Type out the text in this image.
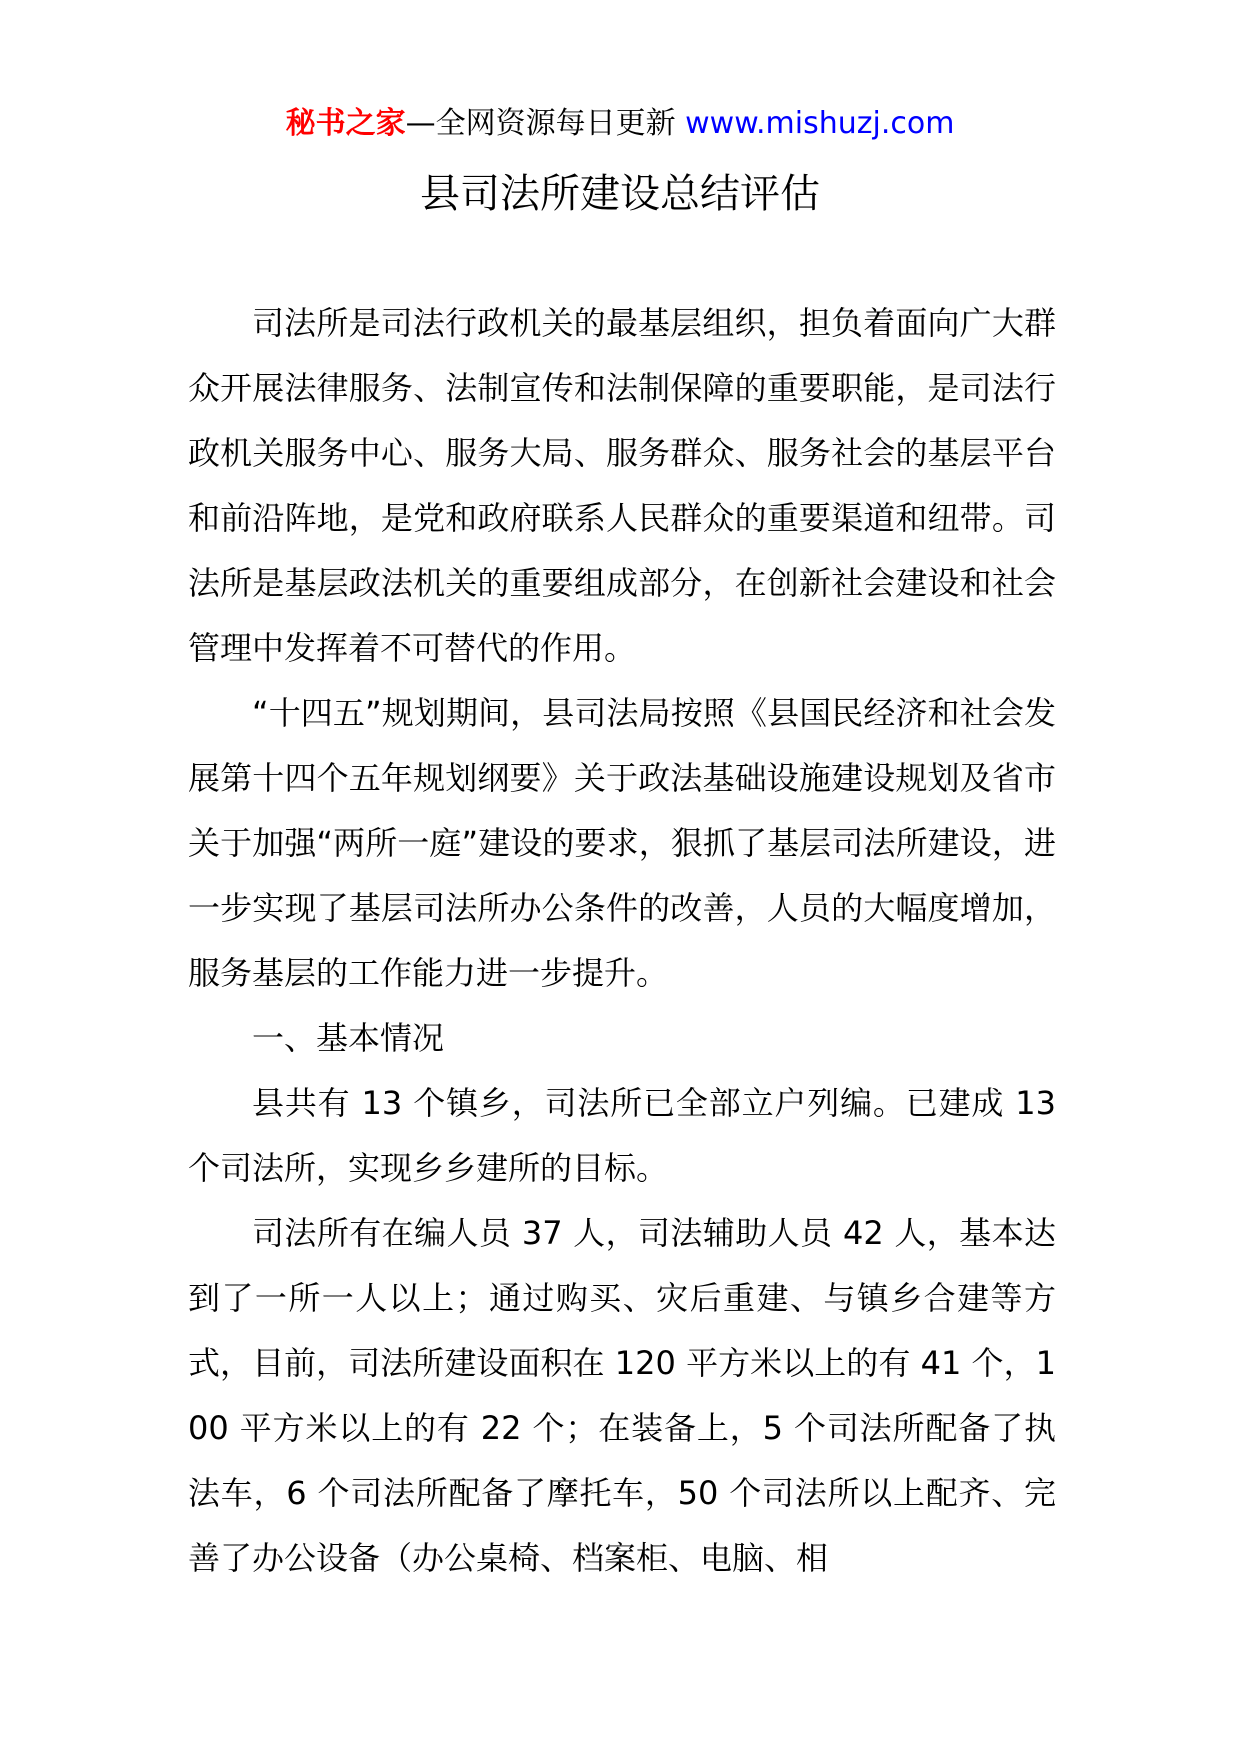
秘书之家—全网资源每日更新 www.mishuzj.com
县司法所建设总结评估

司法所是司法行政机关的最基层组织，担负着面向广大群众开展法律服务、法制宣传和法制保障的重要职能，是司法行政机关服务中心、服务大局、服务群众、服务社会的基层平台和前沿阵地，是党和政府联系人民群众的重要渠道和纽带。司法所是基层政法机关的重要组成部分，在创新社会建设和社会管理中发挥着不可替代的作用。

“十四五”规划期间，县司法局按照《县国民经济和社会发展第十四个五年规划纲要》关于政法基础设施建设规划及省市关于加强“两所一庭”建设的要求，狠抓了基层司法所建设，进一步实现了基层司法所办公条件的改善，人员的大幅度增加，服务基层的工作能力进一步提升。

一、基本情况

县共有 13 个镇乡，司法所已全部立户列编。已建成 13 个司法所，实现乡乡建所的目标。

司法所有在编人员 37 人，司法辅助人员 42 人，基本达到了一所一人以上；通过购买、灾后重建、与镇乡合建等方式，目前，司法所建设面积在 120 平方米以上的有 41 个，100 平方米以上的有 22 个；在装备上，5 个司法所配备了执法车，6 个司法所配备了摩托车，50 个司法所以上配齐、完善了办公设备（办公桌椅、档案柜、电脑、相
